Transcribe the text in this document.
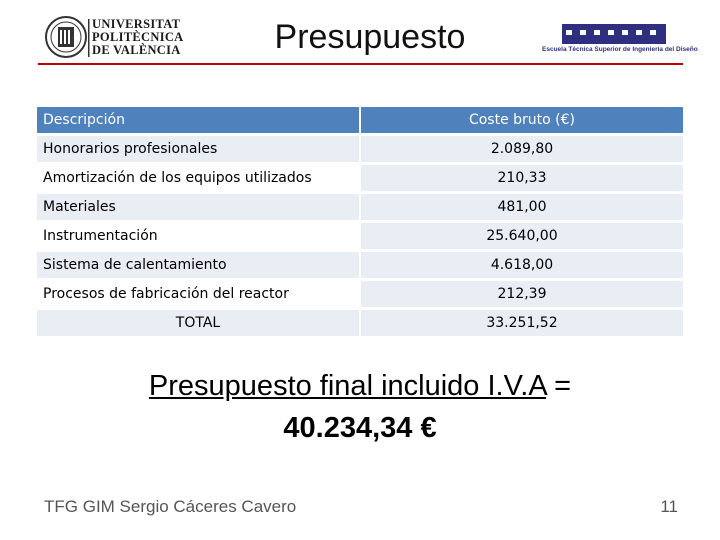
UNIVERSITAT
POLITÈCNICA
DE VALÈNCIA	Presupuesto	Escuela Técnica Superior de Ingeniería del Diseño
Descripción	Coste bruto (€)
Honorarios profesionales	2.089,80
Amortización de los equipos utilizados	210,33
Materiales	481,00
Instrumentación	25.640,00
Sistema de calentamiento	4.618,00
Procesos de fabricación del reactor	212,39
TOTAL	33.251,52
Presupuesto final incluido I.V.A =
40.234,34 €
TFG GIM Sergio Cáceres Cavero	11
